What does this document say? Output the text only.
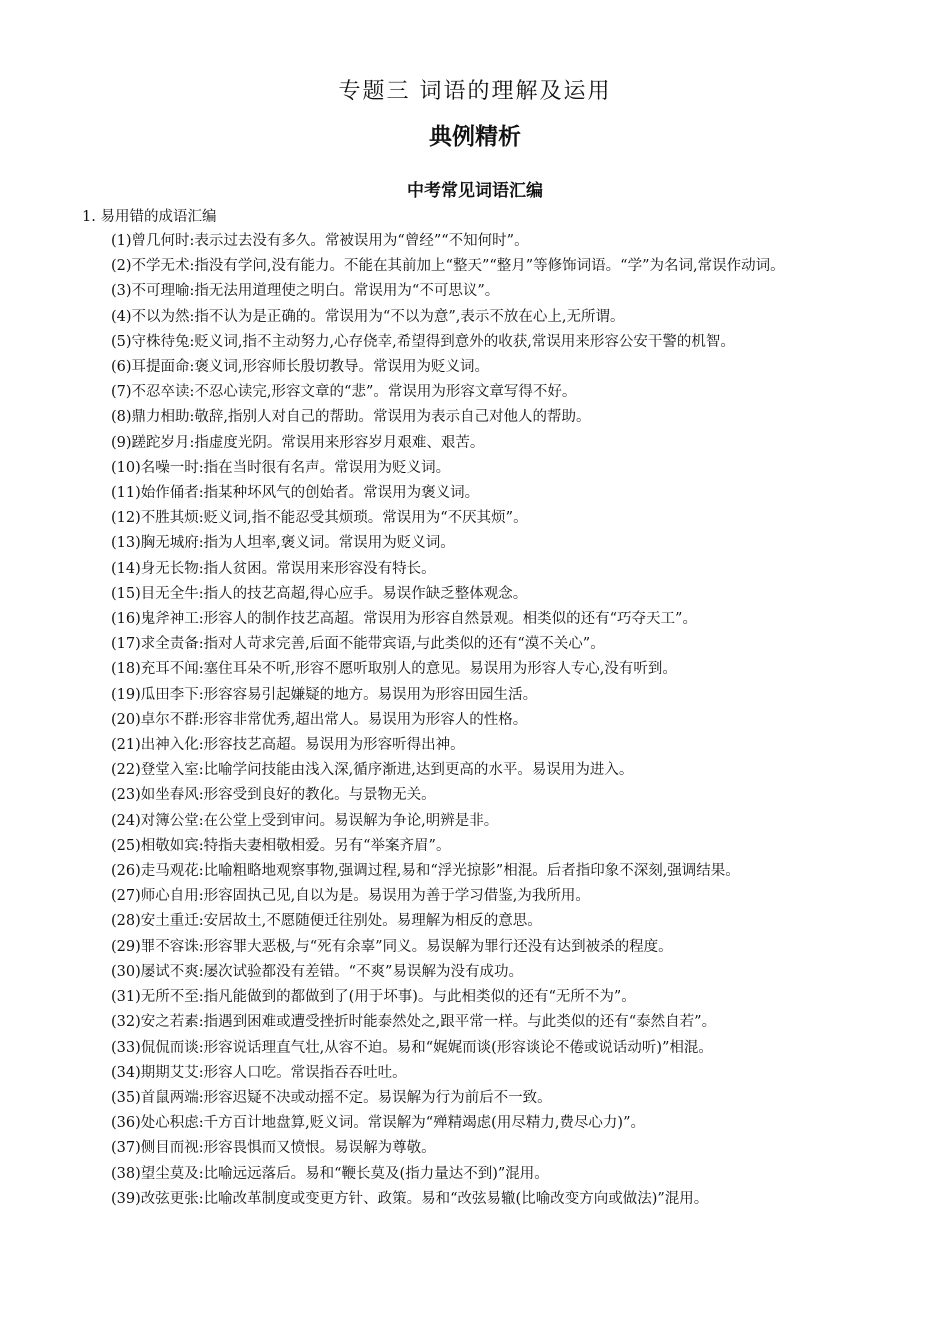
专题三 词语的理解及运用
典例精析
中考常见词语汇编
1. 易用错的成语汇编
(1)曾几何时:表示过去没有多久。常被误用为“曾经”“不知何时”。
(2)不学无术:指没有学问,没有能力。不能在其前加上“整天”“整月”等修饰词语。“学”为名词,常误作动词。
(3)不可理喻:指无法用道理使之明白。常误用为“不可思议”。
(4)不以为然:指不认为是正确的。常误用为“不以为意”,表示不放在心上,无所谓。
(5)守株待兔:贬义词,指不主动努力,心存侥幸,希望得到意外的收获,常误用来形容公安干警的机智。
(6)耳提面命:褒义词,形容师长殷切教导。常误用为贬义词。
(7)不忍卒读:不忍心读完,形容文章的“悲”。常误用为形容文章写得不好。
(8)鼎力相助:敬辞,指别人对自己的帮助。常误用为表示自己对他人的帮助。
(9)蹉跎岁月:指虚度光阴。常误用来形容岁月艰难、艰苦。
(10)名噪一时:指在当时很有名声。常误用为贬义词。
(11)始作俑者:指某种坏风气的创始者。常误用为褒义词。
(12)不胜其烦:贬义词,指不能忍受其烦琐。常误用为“不厌其烦”。
(13)胸无城府:指为人坦率,褒义词。常误用为贬义词。
(14)身无长物:指人贫困。常误用来形容没有特长。
(15)目无全牛:指人的技艺高超,得心应手。易误作缺乏整体观念。
(16)鬼斧神工:形容人的制作技艺高超。常误用为形容自然景观。相类似的还有“巧夺天工”。
(17)求全责备:指对人苛求完善,后面不能带宾语,与此类似的还有“漠不关心”。
(18)充耳不闻:塞住耳朵不听,形容不愿听取别人的意见。易误用为形容人专心,没有听到。
(19)瓜田李下:形容容易引起嫌疑的地方。易误用为形容田园生活。
(20)卓尔不群:形容非常优秀,超出常人。易误用为形容人的性格。
(21)出神入化:形容技艺高超。易误用为形容听得出神。
(22)登堂入室:比喻学问技能由浅入深,循序渐进,达到更高的水平。易误用为进入。
(23)如坐春风:形容受到良好的教化。与景物无关。
(24)对簿公堂:在公堂上受到审问。易误解为争论,明辨是非。
(25)相敬如宾:特指夫妻相敬相爱。另有“举案齐眉”。
(26)走马观花:比喻粗略地观察事物,强调过程,易和“浮光掠影”相混。后者指印象不深刻,强调结果。
(27)师心自用:形容固执己见,自以为是。易误用为善于学习借鉴,为我所用。
(28)安土重迁:安居故土,不愿随便迁往别处。易理解为相反的意思。
(29)罪不容诛:形容罪大恶极,与“死有余辜”同义。易误解为罪行还没有达到被杀的程度。
(30)屡试不爽:屡次试验都没有差错。“不爽”易误解为没有成功。
(31)无所不至:指凡能做到的都做到了(用于坏事)。与此相类似的还有“无所不为”。
(32)安之若素:指遇到困难或遭受挫折时能泰然处之,跟平常一样。与此类似的还有“泰然自若”。
(33)侃侃而谈:形容说话理直气壮,从容不迫。易和“娓娓而谈(形容谈论不倦或说话动听)”相混。
(34)期期艾艾:形容人口吃。常误指吞吞吐吐。
(35)首鼠两端:形容迟疑不决或动摇不定。易误解为行为前后不一致。
(36)处心积虑:千方百计地盘算,贬义词。常误解为“殚精竭虑(用尽精力,费尽心力)”。
(37)侧目而视:形容畏惧而又愤恨。易误解为尊敬。
(38)望尘莫及:比喻远远落后。易和“鞭长莫及(指力量达不到)”混用。
(39)改弦更张:比喻改革制度或变更方针、政策。易和“改弦易辙(比喻改变方向或做法)”混用。
